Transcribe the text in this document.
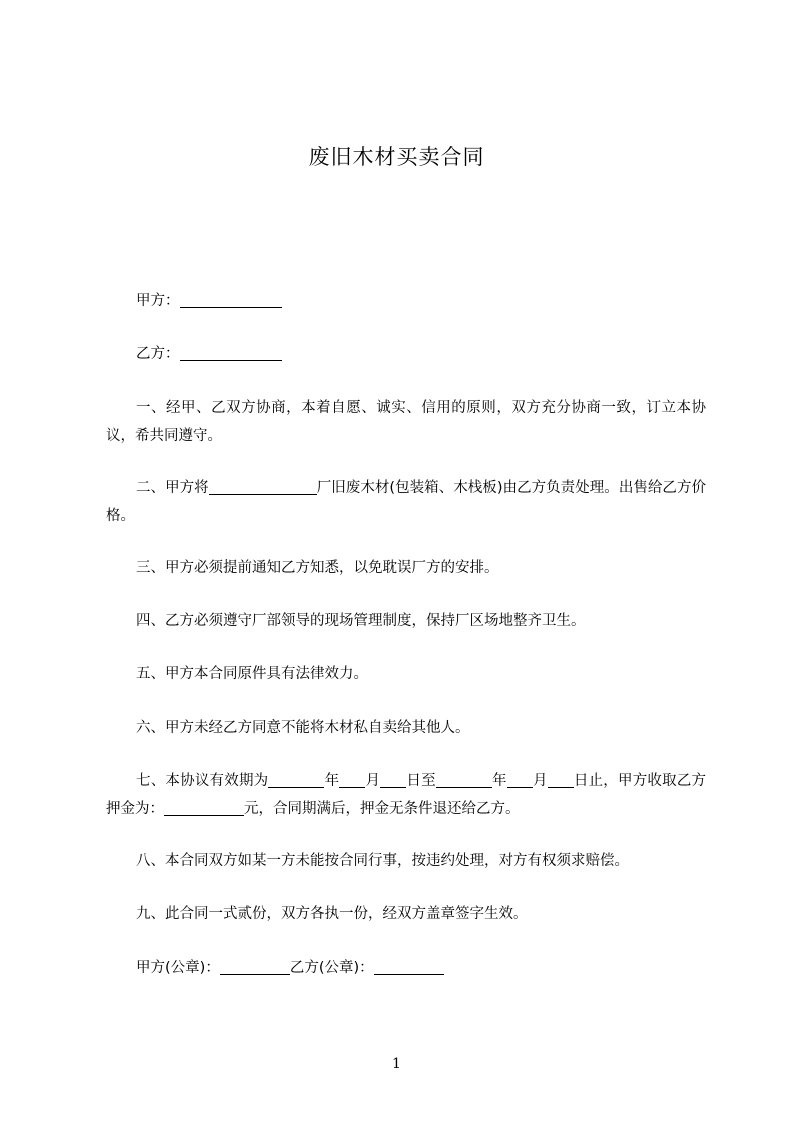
废旧木材买卖合同
甲方：
乙方：
一、经甲、乙双方协商，本着自愿、诚实、信用的原则，双方充分协商一致，订立本协议，希共同遵守。
二、甲方将	厂旧废木材(包装箱、木栈板)由乙方负责处理。出售给乙方价格。
三、甲方必须提前通知乙方知悉，以免耽误厂方的安排。
四、乙方必须遵守厂部领导的现场管理制度，保持厂区场地整齐卫生。
五、甲方本合同原件具有法律效力。
六、甲方未经乙方同意不能将木材私自卖给其他人。
七、本协议有效期为	年 月 日至	年 月 日止，甲方收取乙方押金为：	元，合同期满后，押金无条件退还给乙方。
八、本合同双方如某一方未能按合同行事，按违约处理，对方有权须求赔偿。
九、此合同一式贰份，双方各执一份，经双方盖章签字生效。
甲方(公章)：	乙方(公章)：
1
